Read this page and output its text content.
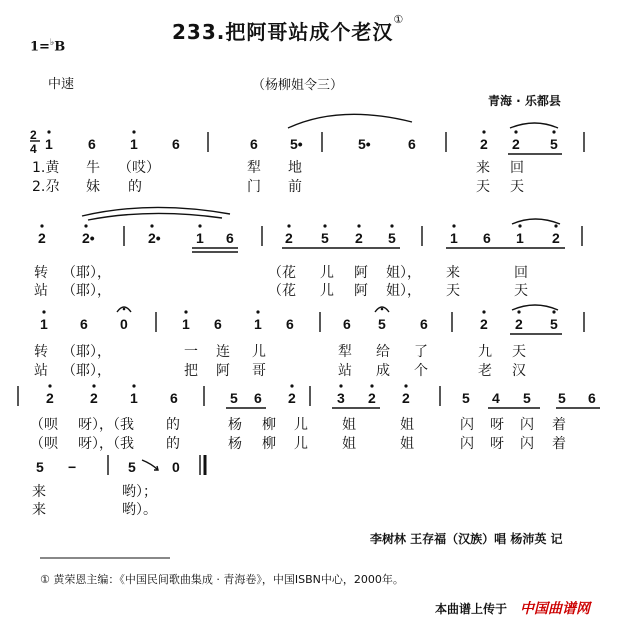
233.把阿哥站成个老汉①
1=♭B
中速	（杨柳姐令三）
青海 · 乐都县
2
4 1	6 1 6	6 5•	5•	6	2 2 5
1.黄 牛 （哎）	犁 地	来 回
2.尕 妹 的	门 前	天 天
2	2•	2•	1 6	2 5 2 5	1 6 1 2
转 （耶），	（花 儿 阿 姐）， 来	回
站 （耶），	（花 儿 阿 姐）， 天	天
1 6 0	1 6 1 6	6 5 6	2 2 5
转 （耶），	一 连 儿	犁 给 了	九 天
站 （耶），	把 阿 哥	站 成 个	老 汉
2	2 1 6	5 6 2	3 2 2	5 4 5 5 6
（呗 呀），（我 的	杨 柳 儿 姐	姐	闪 呀 闪 着
（呗 呀），（我 的	杨 柳 儿 姐	姐	闪 呀 闪 着
5 −	5	0
来	哟）；
来	哟）。
李树林 王存福（汉族）唱 杨沛英 记
① 黄荣恩主编：《中国民间歌曲集成 · 青海卷》，中国ISBN中心，2000年。
本曲谱上传于 中国曲谱网
